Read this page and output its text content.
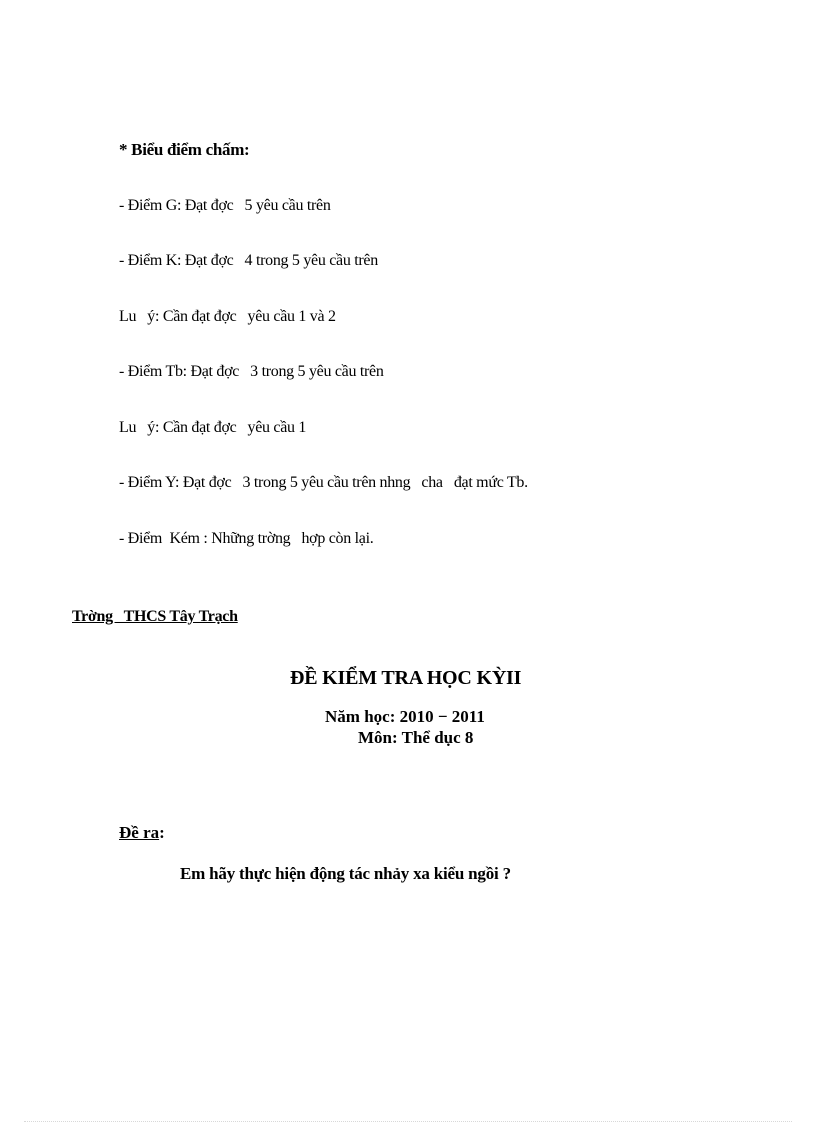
* Biểu điểm chấm:

- Điểm G: Đạt đợc   5 yêu cầu trên

- Điểm K: Đạt đợc   4 trong 5 yêu cầu trên

Lu   ý: Cần đạt đợc   yêu cầu 1 và 2

- Điểm Tb: Đạt đợc   3 trong 5 yêu cầu trên

Lu   ý: Cần đạt đợc   yêu cầu 1

- Điểm Y: Đạt đợc   3 trong 5 yêu cầu trên nhng   cha   đạt mức Tb.

- Điểm  Kém : Những trờng   hợp còn lại.

Trờng   THCS Tây Trạch
ĐỀ KIỂM TRA HỌC KỲII
Năm học: 2010 − 2011
Môn: Thể dục 8
Đề ra:
Em hãy thực hiện động tác nhảy xa kiểu ngồi ?
